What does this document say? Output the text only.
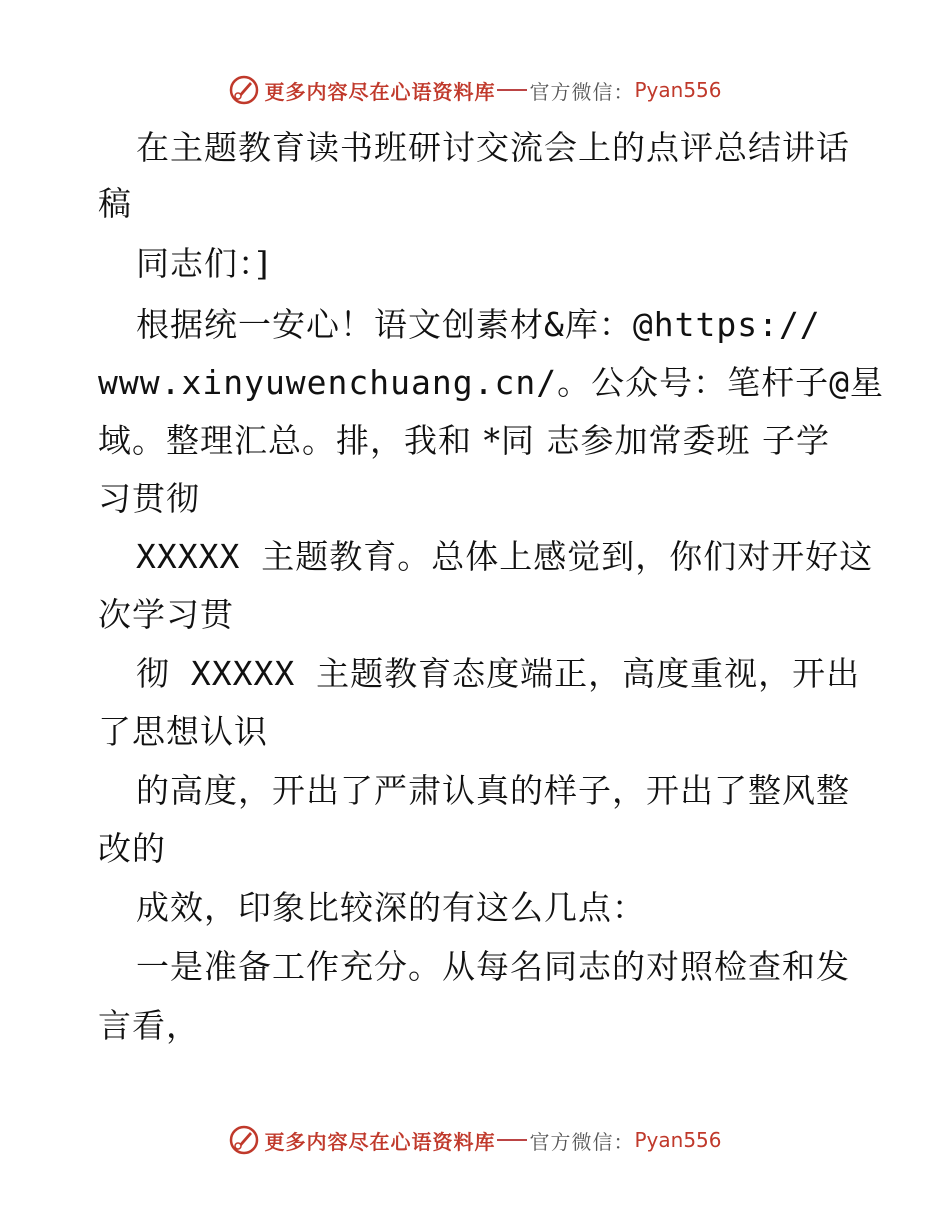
更多内容尽在心语资料库 官方微信： Pyan556
在主题教育读书班研讨交流会上的点评总结讲话
稿
同志们：]
根据统一安心！语文创素材&库：@https://
www.xinyuwenchuang.cn/。公众号：笔杆子@星
域。整理汇总。排，我和 *同 志参加常委班 子学
习贯彻
XXXXX 主题教育。总体上感觉到，你们对开好这
次学习贯
彻 XXXXX 主题教育态度端正，高度重视，开出
了思想认识
的高度，开出了严肃认真的样子，开出了整风整
改的
成效，印象比较深的有这么几点：
一是准备工作充分。从每名同志的对照检查和发
言看，
更多内容尽在心语资料库 官方微信： Pyan556
